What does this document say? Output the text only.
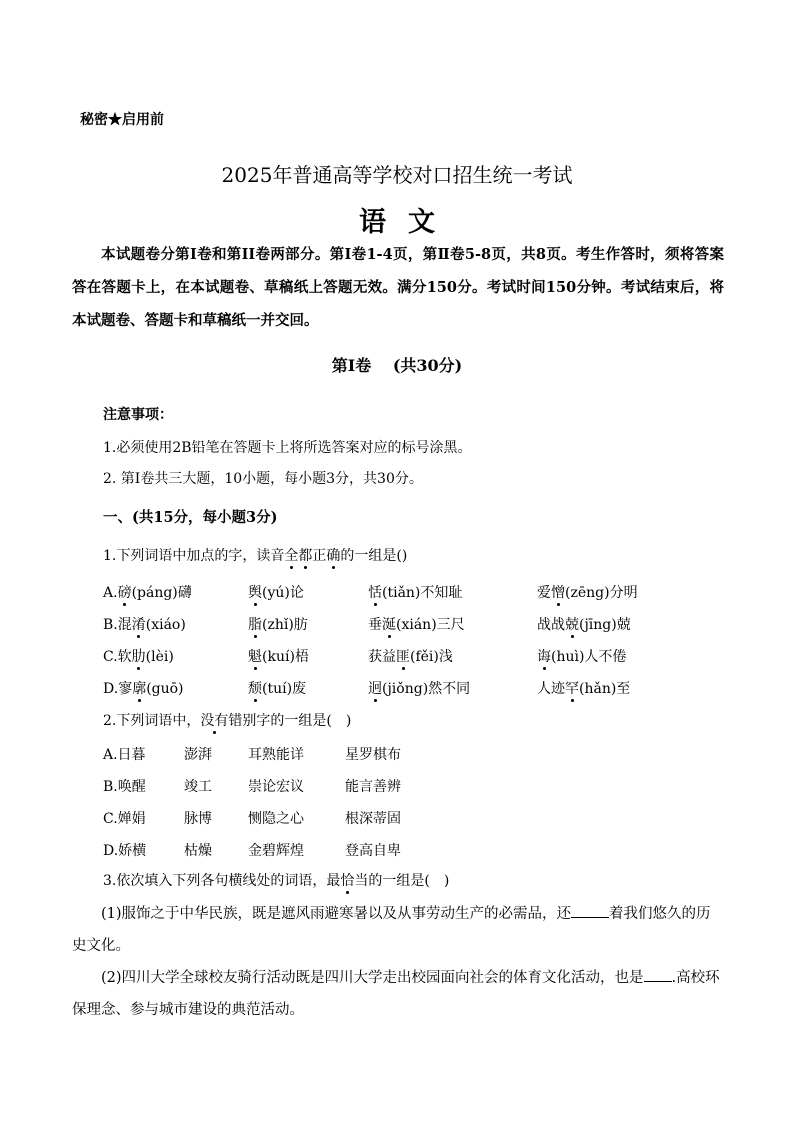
秘密★启用前
2025年普通高等学校对口招生统一考试
语文
本试题卷分第I卷和第II卷两部分。第Ⅰ卷1-4页，第Ⅱ卷5-8页，共8页。考生作答时，须将答案答在答题卡上，在本试题卷、草稿纸上答题无效。满分150分。考试时间150分钟。考试结束后，将本试题卷、答题卡和草稿纸一并交回。
第Ⅰ卷　 (共30分)
注意事项：
1.必须使用2B铅笔在答题卡上将所选答案对应的标号涂黑。
2. 第Ⅰ卷共三大题，10小题，每小题3分，共30分。
一、(共15分，每小题3分)
1.下列词语中加点的字，读音全都正确的一组是()
A.磅(páng)礴	舆(yú)论	恬(tiǎn)不知耻	爱憎(zēng)分明
B.混淆(xiáo)	脂(zhǐ)肪	垂涎(xián)三尺	战战兢(jīng)兢
C.软肋(lèi)	魁(kuí)梧	获益匪(fěi)浅	诲(huì)人不倦
D.寥廓(guō)	颓(tuí)废	迥(jiǒng)然不同	人迹罕(hǎn)至
2.下列词语中，没有错别字的一组是(　)
A.日暮	澎湃	耳熟能详	星罗棋布
B.唤醒	竣工	崇论宏议	能言善辨
C.婵娟	脉博	恻隐之心	根深蒂固
D.娇横	枯燥	金碧辉煌	登高自卑
3.依次填入下列各句横线处的词语，最恰当的一组是(　)
(1)服饰之于中华民族，既是遮风雨避寒暑以及从事劳动生产的必需品，还	着我们悠久的历史文化。
(2)四川大学全球校友骑行活动既是四川大学走出校园面向社会的体育文化活动，也是 .高校环保理念、参与城市建设的典范活动。
